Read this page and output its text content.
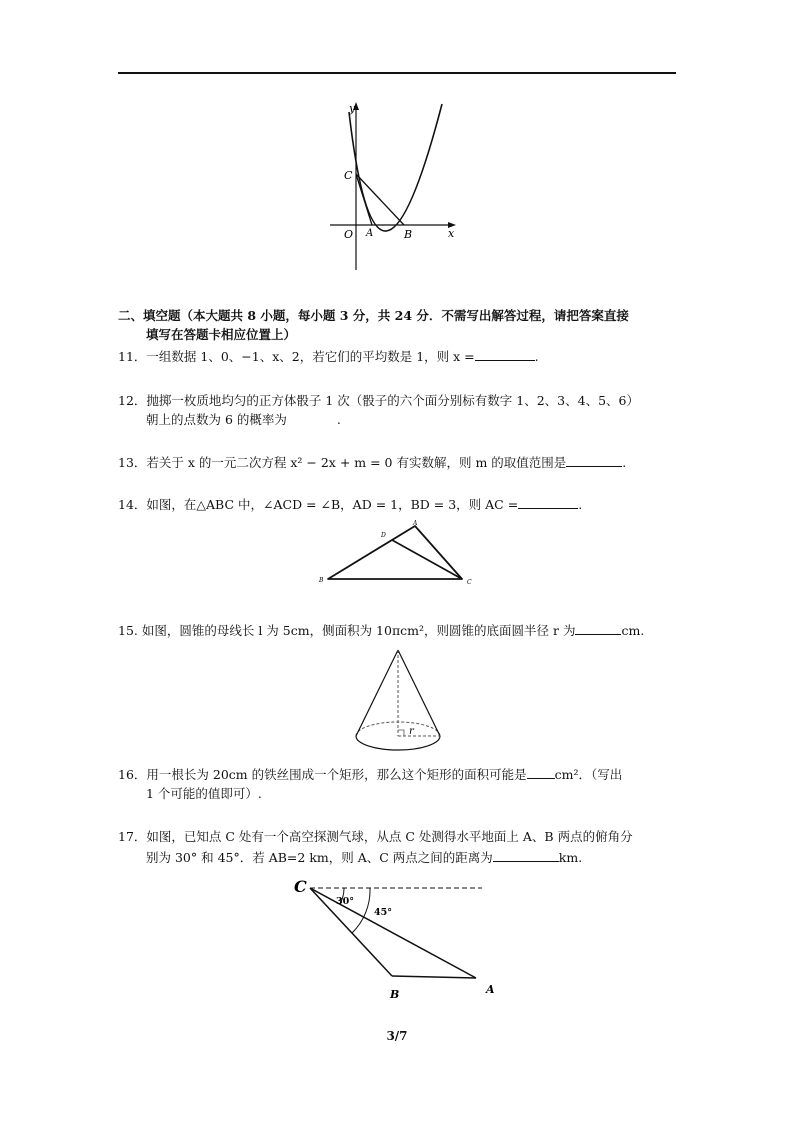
y
x
C
O A	B
二、填空题（本大题共 8 小题，每小题 3 分，共 24 分．不需写出解答过程，请把答案直接
填写在答题卡相应位置上）
11．一组数据 1、0、−1、x、2，若它们的平均数是 1，则 x =	.
12．抛掷一枚质地均匀的正方体骰子 1 次（骰子的六个面分别标有数字 1、2、3、4、5、6）
朝上的点数为 6 的概率为	.
13．若关于 x 的一元二次方程 x² − 2x + m = 0 有实数解，则 m 的取值范围是	.
14．如图，在△ABC 中，∠ACD = ∠B，AD = 1，BD = 3，则 AC =	.
A
D
B	C
15. 如图，圆锥的母线长 l 为 5cm，侧面积为 10πcm²，则圆锥的底面圆半径 r 为	cm.
r
16．用一根长为 20cm 的铁丝围成一个矩形，那么这个矩形的面积可能是 cm²．（写出
1 个可能的值即可）.
17．如图，已知点 C 处有一个高空探测气球，从点 C 处测得水平地面上 A、B 两点的俯角分
别为 30° 和 45°．若 AB=2 km，则 A、C 两点之间的距离为	km.
C
30°
45°
B	A
3/7
